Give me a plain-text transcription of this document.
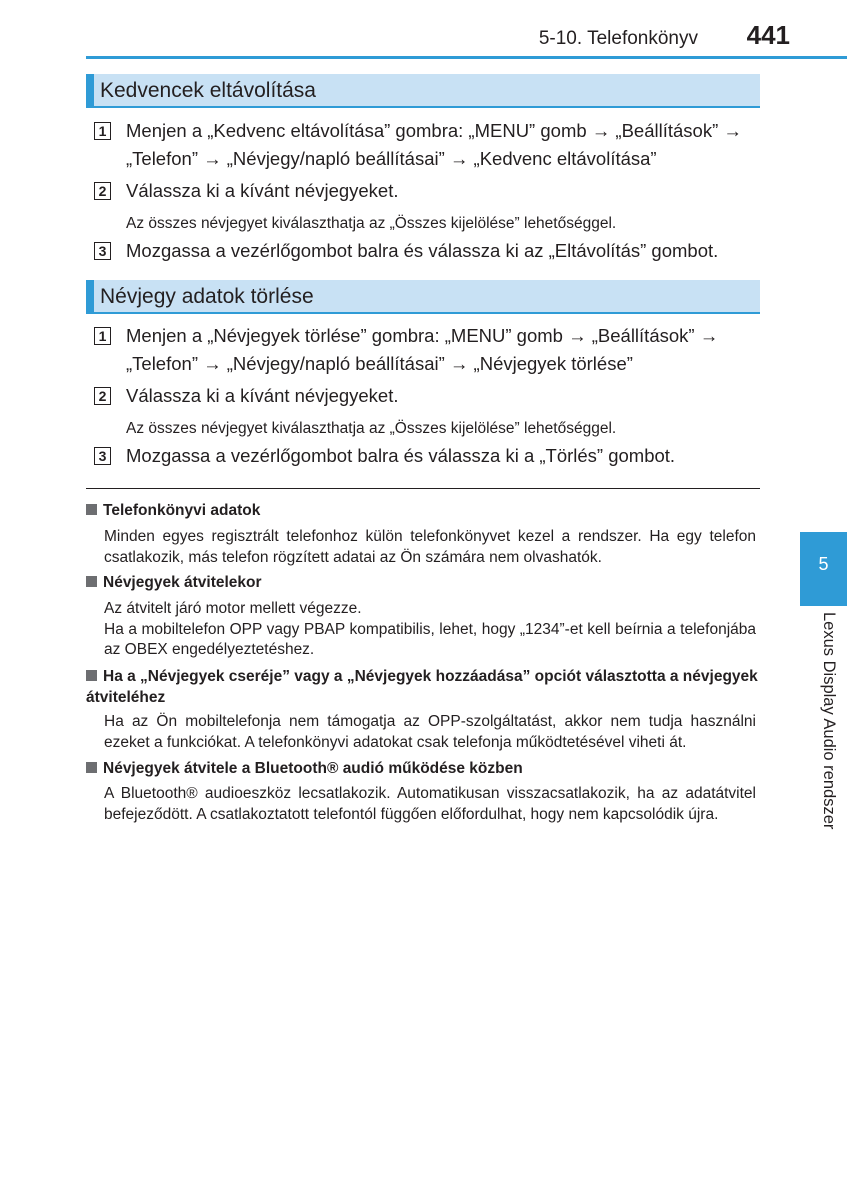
5-10. Telefonkönyv	441
Kedvencek eltávolítása
1 Menjen a „Kedvenc eltávolítása” gombra: „MENU” gomb → „Beállítások” → „Telefon” → „Névjegy/napló beállításai” → „Kedvenc eltávolítása”
2 Válassza ki a kívánt névjegyeket.
Az összes névjegyet kiválaszthatja az „Összes kijelölése” lehetőséggel.
3 Mozgassa a vezérlőgombot balra és válassza ki az „Eltávolítás” gombot.
Névjegy adatok törlése
1 Menjen a „Névjegyek törlése” gombra: „MENU” gomb → „Beállítások” → „Telefon” → „Névjegy/napló beállításai” → „Névjegyek törlése”
2 Válassza ki a kívánt névjegyeket.
Az összes névjegyet kiválaszthatja az „Összes kijelölése” lehetőséggel.
3 Mozgassa a vezérlőgombot balra és válassza ki a „Törlés” gombot.
Telefonkönyvi adatok

Minden egyes regisztrált telefonhoz külön telefonkönyvet kezel a rendszer. Ha egy telefon csatlakozik, más telefon rögzített adatai az Ön számára nem olvashatók.

Névjegyek átvitelekor

Az átvitelt járó motor mellett végezze.

Ha a mobiltelefon OPP vagy PBAP kompatibilis, lehet, hogy „1234”-et kell beírnia a telefonjába az OBEX engedélyeztetéshez.

Ha a „Névjegyek cseréje” vagy a „Névjegyek hozzáadása” opciót választotta a névjegyek átviteléhez

Ha az Ön mobiltelefonja nem támogatja az OPP-szolgáltatást, akkor nem tudja használni ezeket a funkciókat. A telefonkönyvi adatokat csak telefonja működtetésével viheti át.

Névjegyek átvitele a Bluetooth® audió működése közben

A Bluetooth® audioeszköz lecsatlakozik. Automatikusan visszacsatlakozik, ha az adatátvitel befejeződött. A csatlakoztatott telefontól függően előfordulhat, hogy nem kapcsolódik újra.

5
Lexus Display Audio rendszer
